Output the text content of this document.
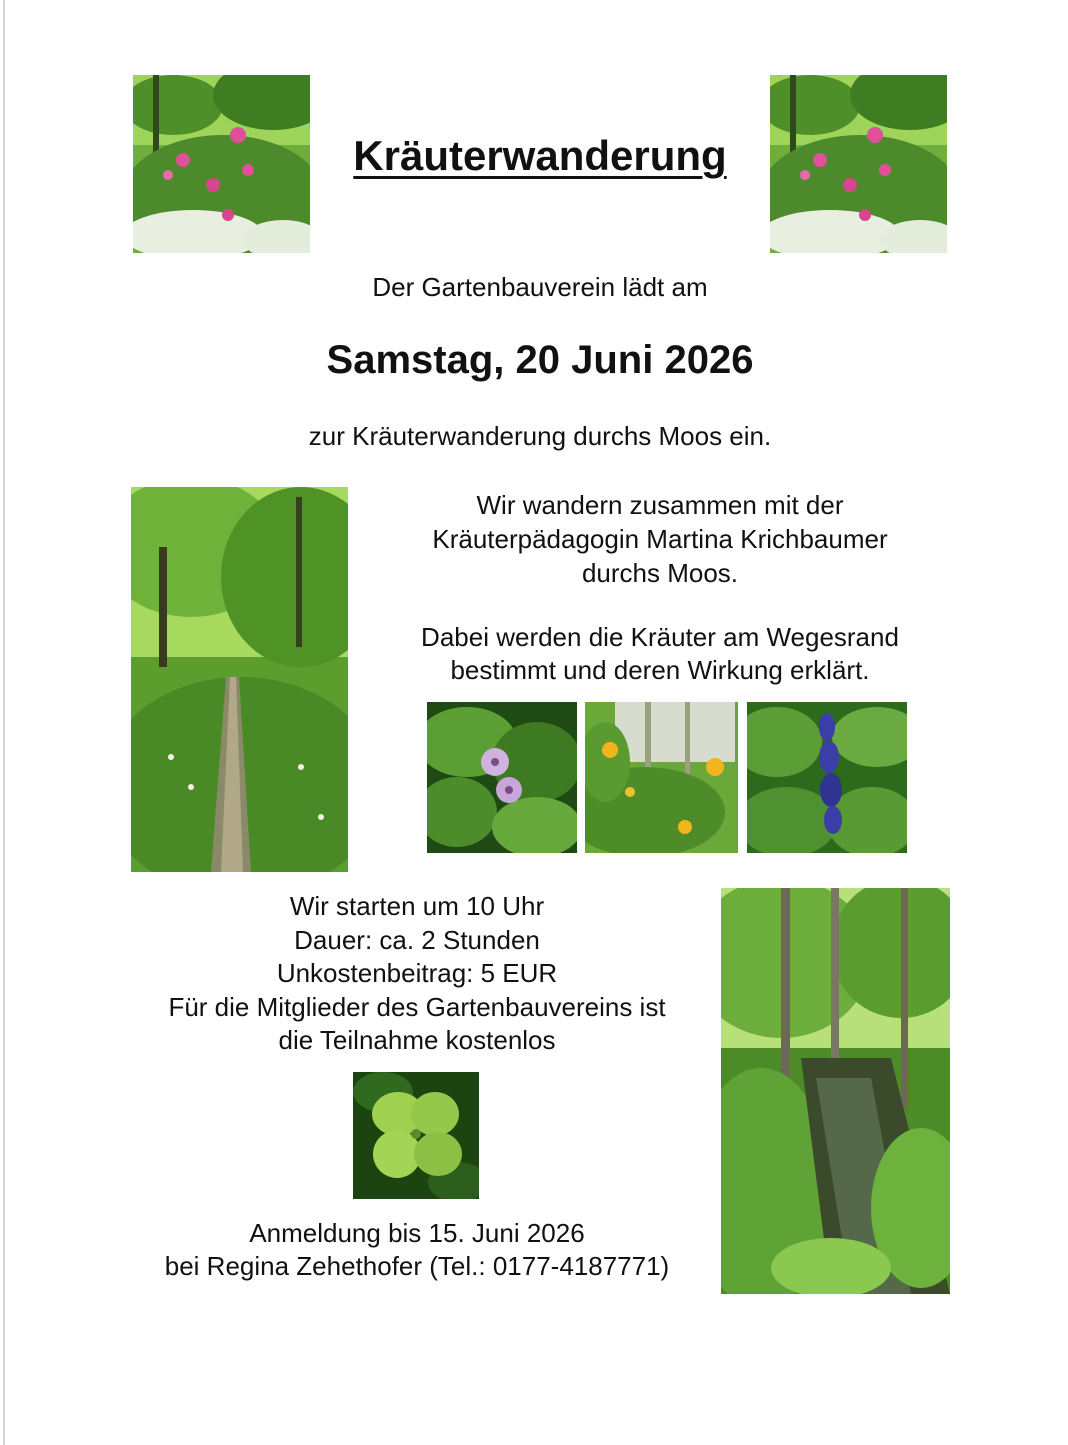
Kräuterwanderung
Der Gartenbauverein lädt am
Samstag, 20 Juni 2026
zur Kräuterwanderung durchs Moos ein.
Wir wandern zusammen mit der
Kräuterpädagogin Martina Krichbaumer
durchs Moos.
Dabei werden die Kräuter am Wegesrand
bestimmt und deren Wirkung erklärt.
Wir starten um 10 Uhr
Dauer: ca. 2 Stunden
Unkostenbeitrag: 5 EUR
Für die Mitglieder des Gartenbauvereins ist
die Teilnahme kostenlos
Anmeldung bis 15. Juni 2026
bei Regina Zehethofer (Tel.: 0177-4187771)
